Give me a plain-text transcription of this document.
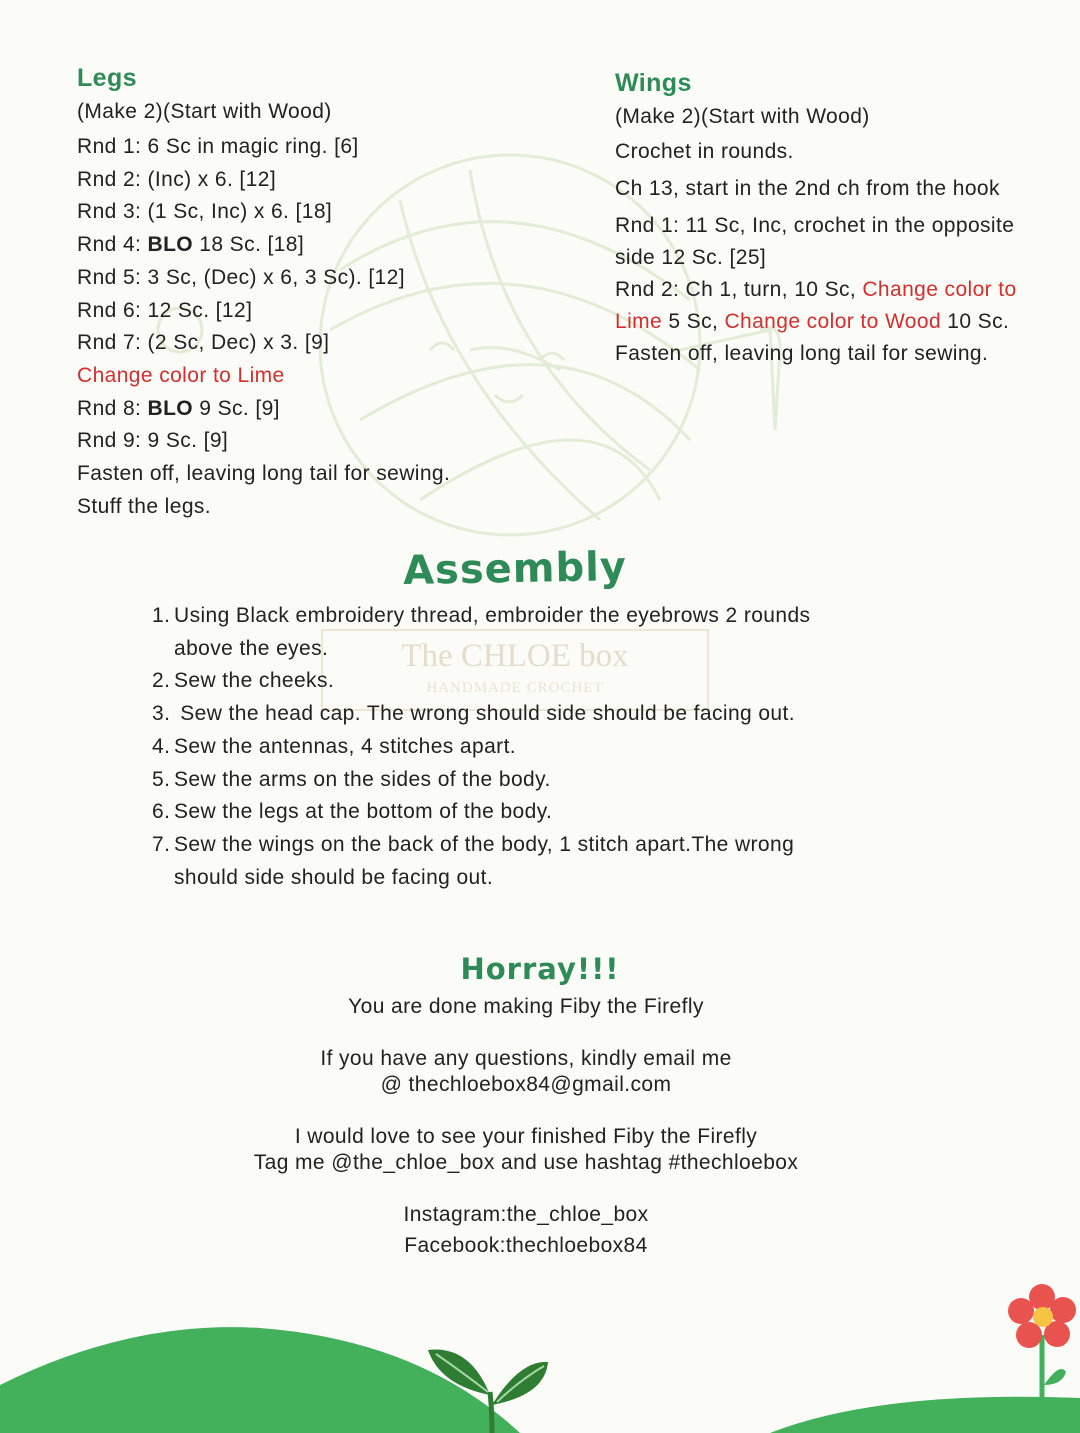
The CHLOE box
HANDMADE CROCHET
Legs
(Make 2)(Start with Wood)
Rnd 1: 6 Sc in magic ring. [6]
Rnd 2: (Inc) x 6. [12]
Rnd 3: (1 Sc, Inc) x 6. [18]
Rnd 4: BLO 18 Sc. [18]
Rnd 5: 3 Sc, (Dec) x 6, 3 Sc). [12]
Rnd 6: 12 Sc. [12]
Rnd 7: (2 Sc, Dec) x 3. [9]
Change color to Lime
Rnd 8: BLO 9 Sc. [9]
Rnd 9: 9 Sc. [9]
Fasten off, leaving long tail for sewing.
Stuff the legs.
Wings
(Make 2)(Start with Wood)
Crochet in rounds.
Ch 13, start in the 2nd ch from the hook
Rnd 1: 11 Sc, Inc, crochet in the opposite
side 12 Sc. [25]
Rnd 2: Ch 1, turn, 10 Sc, Change color to
Lime 5 Sc, Change color to Wood 10 Sc.
Fasten off, leaving long tail for sewing.
Assembly
1. Using Black embroidery thread, embroider the eyebrows 2 rounds
above the eyes.
2. Sew the cheeks.
3. Sew the head cap. The wrong should side should be facing out.
4. Sew the antennas, 4 stitches apart.
5. Sew the arms on the sides of the body.
6. Sew the legs at the bottom of the body.
7. Sew the wings on the back of the body, 1 stitch apart.The wrong
should side should be facing out.
Horray!!!
You are done making Fiby the Firefly
If you have any questions, kindly email me
@ thechloebox84@gmail.com
I would love to see your finished Fiby the Firefly
Tag me @the_chloe_box and use hashtag #thechloebox
Instagram:the_chloe_box
Facebook:thechloebox84
